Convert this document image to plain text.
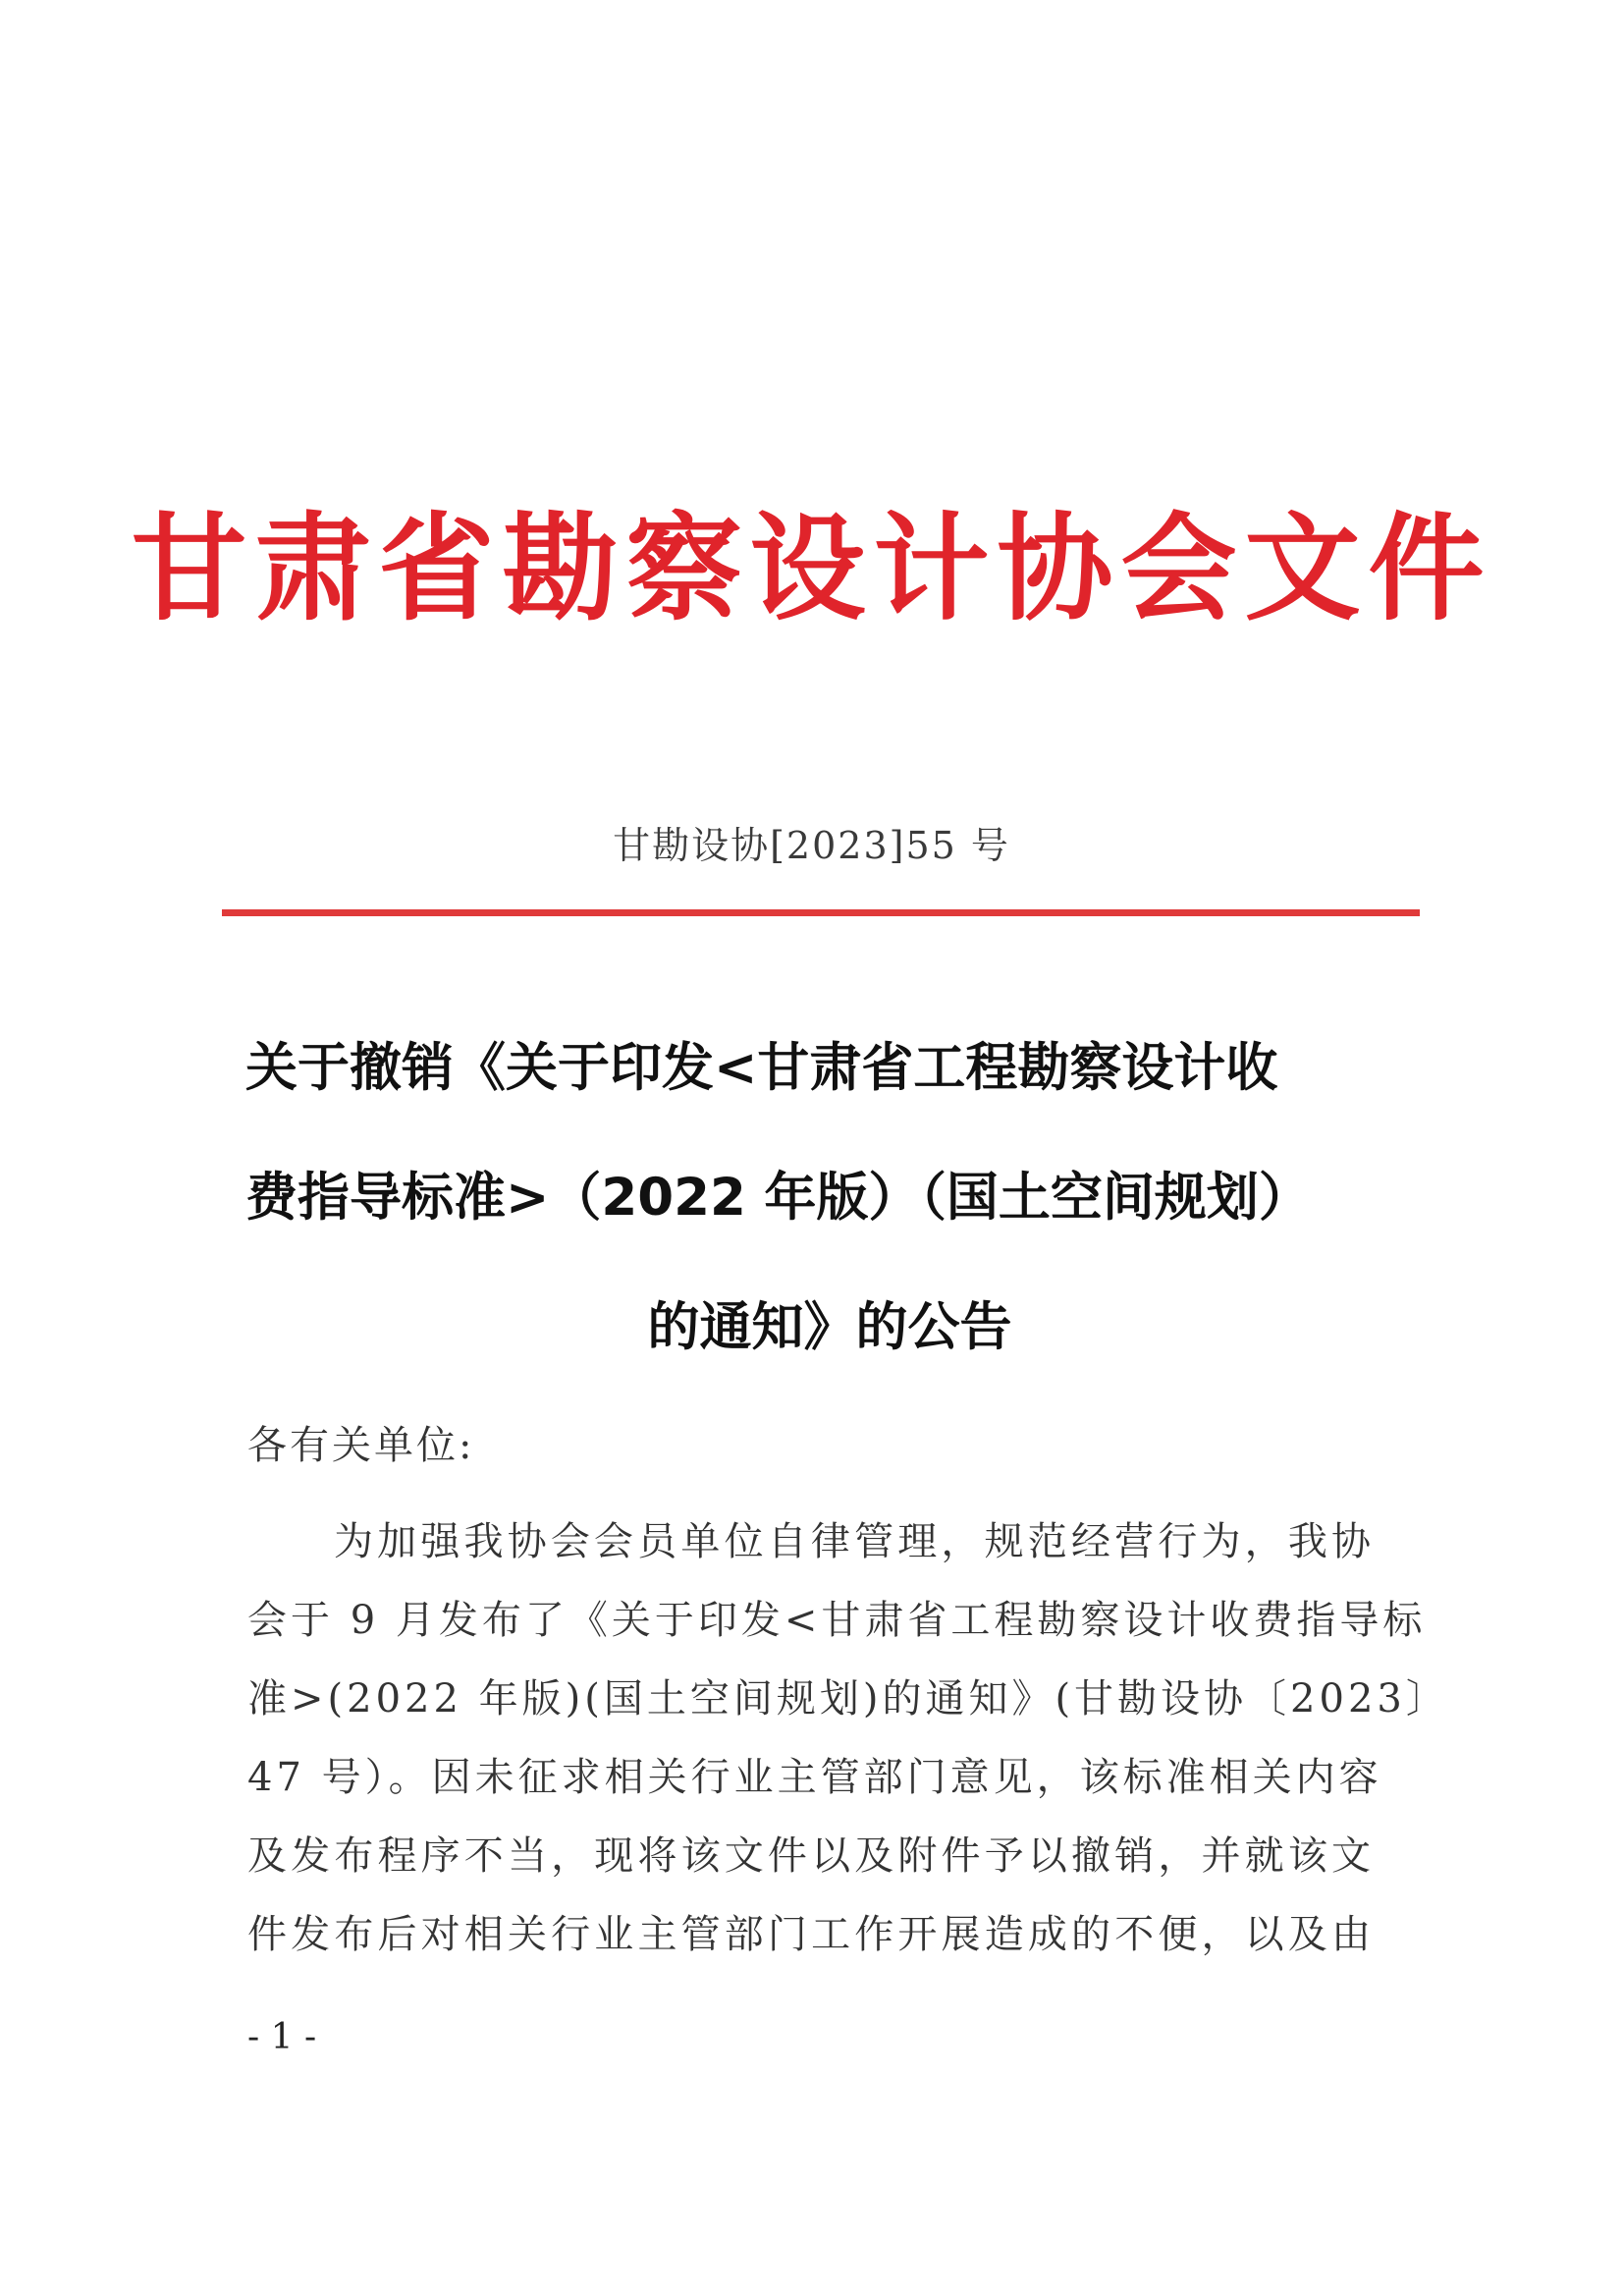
甘肃省勘察设计协会文件
甘勘设协[2023]55 号
关于撤销《关于印发<甘肃省工程勘察设计收
费指导标准>（2022 年版）（国土空间规划）
的通知》的公告
各有关单位:
为加强我协会会员单位自律管理，规范经营行为，我协
会于 9 月发布了《关于印发<甘肃省工程勘察设计收费指导标
准>(2022 年版)(国土空间规划)的通知》(甘勘设协〔2023〕
47 号）。因未征求相关行业主管部门意见，该标准相关内容
及发布程序不当，现将该文件以及附件予以撤销，并就该文
件发布后对相关行业主管部门工作开展造成的不便，以及由
- 1 -
